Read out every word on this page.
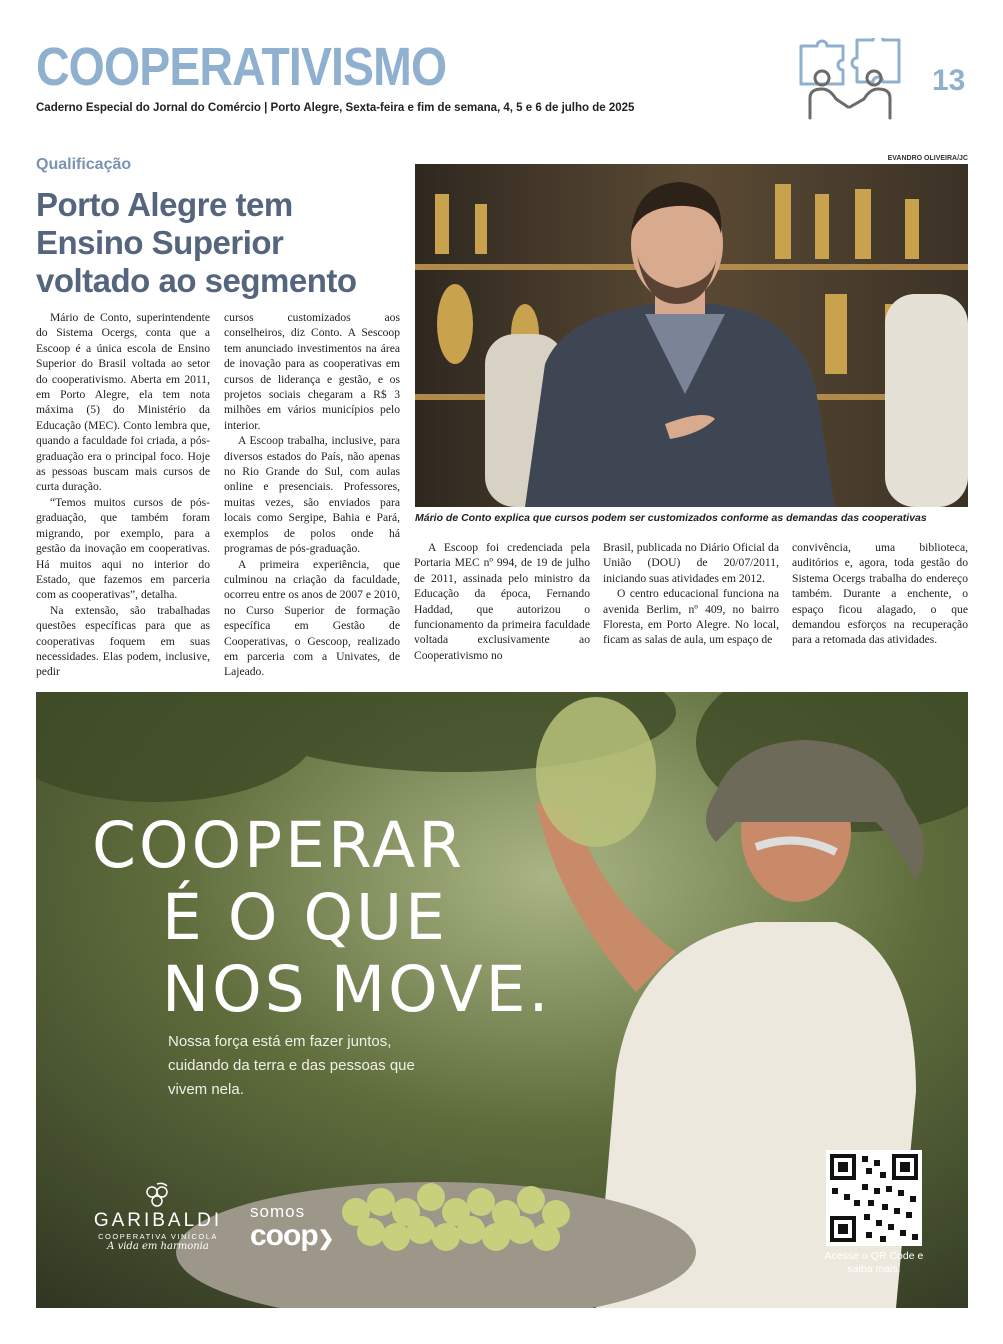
COOPERATIVISMO
Caderno Especial do Jornal do Comércio | Porto Alegre, Sexta-feira e fim de semana, 4, 5 e 6 de julho de 2025
13
Qualificação
Porto Alegre tem Ensino Superior voltado ao segmento

Mário de Conto, superintendente do Sistema Ocergs, conta que a Escoop é a única escola de Ensino Superior do Brasil voltada ao setor do cooperativismo. Aberta em 2011, em Porto Alegre, ela tem nota máxima (5) do Ministério da Educação (MEC). Conto lembra que, quando a faculdade foi criada, a pós-graduação era o principal foco. Hoje as pessoas buscam mais cursos de curta duração.

“Temos muitos cursos de pós-graduação, que também foram migrando, por exemplo, para a gestão da inovação em cooperativas. Há muitos aqui no interior do Estado, que fazemos em parceria com as cooperativas”, detalha.

Na extensão, são trabalhadas questões específicas para que as cooperativas foquem em suas necessidades. Elas podem, inclusive, pedir

cursos customizados aos conselheiros, diz Conto. A Sescoop tem anunciado investimentos na área de inovação para as cooperativas em cursos de liderança e gestão, e os projetos sociais chegaram a R$ 3 milhões em vários municípios pelo interior.

A Escoop trabalha, inclusive, para diversos estados do País, não apenas no Rio Grande do Sul, com aulas online e presenciais. Professores, muitas vezes, são enviados para locais como Sergipe, Bahia e Pará, exemplos de polos onde há programas de pós-graduação.

A primeira experiência, que culminou na criação da faculdade, ocorreu entre os anos de 2007 e 2010, no Curso Superior de formação específica em Gestão de Cooperativas, o Gescoop, realizado em parceria com a Univates, de Lajeado.

EVANDRO OLIVEIRA/JC
Mário de Conto explica que cursos podem ser customizados conforme as demandas das cooperativas

A Escoop foi credenciada pela Portaria MEC nº 994, de 19 de julho de 2011, assinada pelo ministro da Educação da época, Fernando Haddad, que autorizou o funcionamento da primeira faculdade voltada exclusivamente ao Cooperativismo no

Brasil, publicada no Diário Oficial da União (DOU) de 20/07/2011, iniciando suas atividades em 2012.

O centro educacional funciona na avenida Berlim, nº 409, no bairro Floresta, em Porto Alegre. No local, ficam as salas de aula, um espaço de

convivência, uma biblioteca, auditórios e, agora, toda gestão do Sistema Ocergs trabalha do endereço também. Durante a enchente, o espaço ficou alagado, o que demandou esforços na recuperação para a retomada das atividades.

COOPERAR
É O QUE
NOS MOVE.
Nossa força está em fazer juntos, cuidando da terra e das pessoas que vivem nela.
GARIBALDI
COOPERATIVA VINÍCOLA
A vida em harmonia
somos
coop❯
Acesse o QR Code e saiba mais.
